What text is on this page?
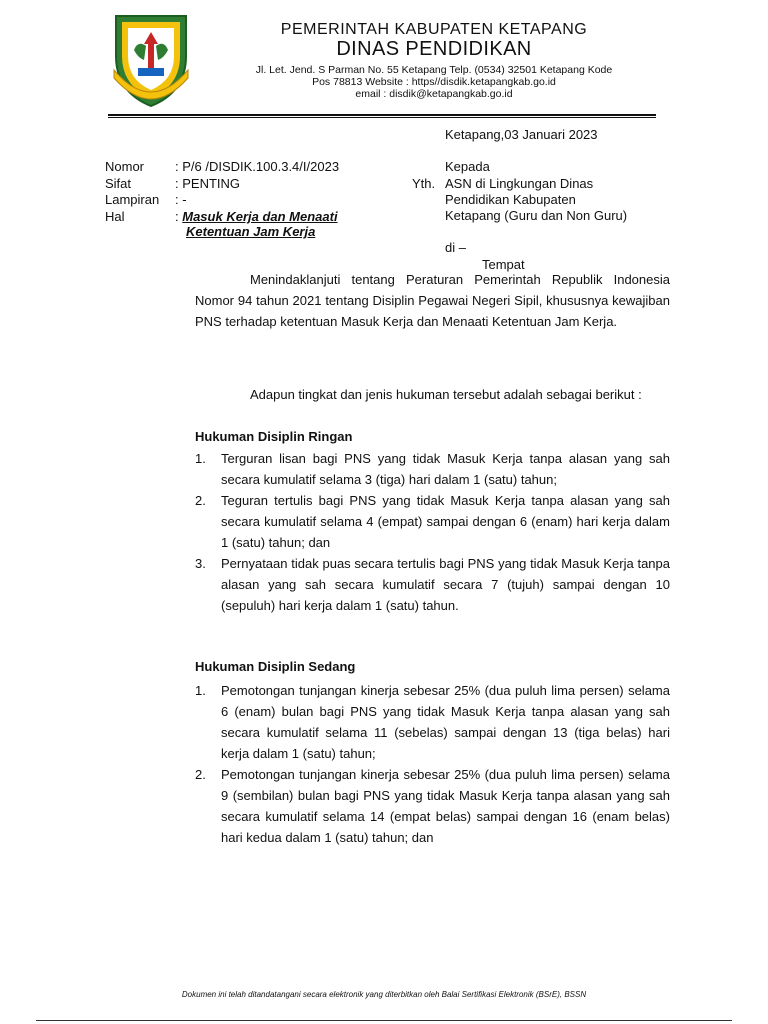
PEMERINTAH KABUPATEN KETAPANG
DINAS PENDIDIKAN
Jl. Let. Jend. S Parman No. 55 Ketapang Telp. (0534) 32501 Ketapang Kode
Pos 78813 Website : https//disdik.ketapangkab.go.id
email : disdik@ketapangkab.go.id
Ketapang,03 Januari 2023
Nomor : P/6 /DISDIK.100.3.4/I/2023
Sifat	: PENTING
Lampiran : -
Hal	: Masuk Kerja dan Menaati
Ketentuan Jam Kerja
Kepada
Yth. ASN di Lingkungan Dinas
Pendidikan Kabupaten
Ketapang (Guru dan Non Guru)
di –
Tempat
Menindaklanjuti tentang Peraturan Pemerintah Republik Indonesia Nomor 94 tahun 2021 tentang Disiplin Pegawai Negeri Sipil, khususnya kewajiban PNS terhadap ketentuan Masuk Kerja dan Menaati Ketentuan Jam Kerja.
Adapun tingkat dan jenis hukuman tersebut adalah sebagai berikut :
Hukuman Disiplin Ringan
1. Terguran lisan bagi PNS yang tidak Masuk Kerja tanpa alasan yang sah secara kumulatif selama 3 (tiga) hari dalam 1 (satu) tahun;
2. Teguran tertulis bagi PNS yang tidak Masuk Kerja tanpa alasan yang sah secara kumulatif selama 4 (empat) sampai dengan 6 (enam) hari kerja dalam 1 (satu) tahun; dan
3. Pernyataan tidak puas secara tertulis bagi PNS yang tidak Masuk Kerja tanpa alasan yang sah secara kumulatif secara 7 (tujuh) sampai dengan 10 (sepuluh) hari kerja dalam 1 (satu) tahun.
Hukuman Disiplin Sedang
1. Pemotongan tunjangan kinerja sebesar 25% (dua puluh lima persen) selama 6 (enam) bulan bagi PNS yang tidak Masuk Kerja tanpa alasan yang sah secara kumulatif selama 11 (sebelas) sampai dengan 13 (tiga belas) hari kerja dalam 1 (satu) tahun;
2. Pemotongan tunjangan kinerja sebesar 25% (dua puluh lima persen) selama 9 (sembilan) bulan bagi PNS yang tidak Masuk Kerja tanpa alasan yang sah secara kumulatif selama 14 (empat belas) sampai dengan 16 (enam belas) hari kedua dalam 1 (satu) tahun; dan
Dokumen ini telah ditandatangani secara elektronik yang diterbitkan oleh Balai Sertifikasi Elektronik (BSrE), BSSN
